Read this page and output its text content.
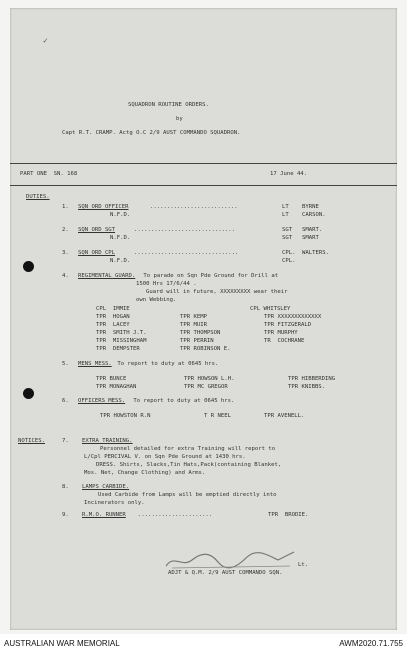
✓
SQUADRON ROUTINE ORDERS.
by
Capt R.T. CRAMP. Actg O.C 2/9 AUST COMMANDO SQUADRON.
PART ONE  SN. 168	17 June 44.
DUTIES.
1. SQN ORD OFFICER	..........................	LT BYRNE
N.F.D.	LT CARSON.
2. SQN ORD SGT	..............................	SGT SMART.
N.F.D.	SGT SMART
3. SQN ORD CPL	...............................	CPL. WALTERS.
N.F.D.	CPL.
4. REGIMENTAL GUARD. To parade on Sqn Pde Ground for Drill at
1500 Hrs 17/6/44 .
Guard will in future, XXXXXXXXX wear their
own Webbing.
CPL  IMMIE	CPL WHITSLEY
TPR  HOGAN	TPR KEMP	TPR XXXXXXXXXXXXX
TPR  LACEY	TPR MUIR	TPR FITZGERALD
TPR  SMITH J.T.	TPR THOMPSON	TPR MURPHY
TPR  MISSINGHAM	TPR PERRIN	TR  COCHRANE
TPR  DEMPSTER	TPR ROBINSON E.
5. MENS MESS. To report to duty at 0645 hrs.
TPR BUNCE	TPR HOWSON L.H.	TPR HIBBERDING
TPR MONAGHAN	TPR MC GREGOR	TPR KNIBBS.
6. OFFICERS MESS. To report to duty at 0645 hrs.
TPR HOWSTON R.N	T R NEEL	TPR AVENELL.
NOTICES.	7. EXTRA TRAINING.
Personnel detailed for extra Training will report to
L/Cpl PERCIVAL V. on Sqn Pde Ground at 1430 hrs.
DRESS. Shirts, Slacks,Tin Hats,Pack(containing Blanket,
Mos. Net, Change Clothing) and Arms.
8. LAMPS CARBIDE.
Used Carbide from Lamps will be emptied directly into
Incinerators only.
9. R.M.O. RUNNER ......................	TPR  BRODIE.
Lt.
ADJT & Q.M. 2/9 AUST COMMANDO SQN.
AUSTRALIAN WAR MEMORIAL	AWM2020.71.755
